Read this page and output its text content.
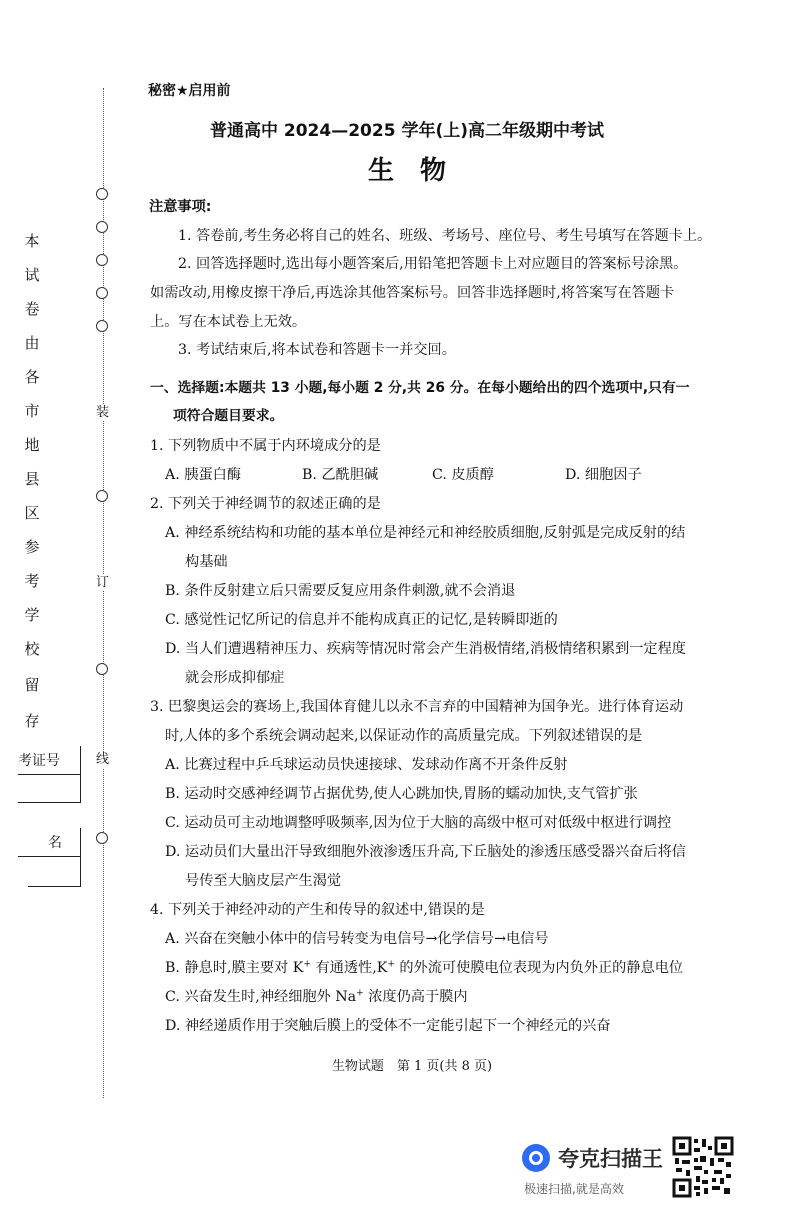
装
订
线
本
试
卷
由
各
市
地
县
区
参
考
学
校
留
存
考证号
名
秘密★启用前
普通高中 2024—2025 学年(上)高二年级期中考试
生　物
注意事项:
1. 答卷前,考生务必将自己的姓名、班级、考场号、座位号、考生号填写在答题卡上。
2. 回答选择题时,选出每小题答案后,用铅笔把答题卡上对应题目的答案标号涂黑。
如需改动,用橡皮擦干净后,再选涂其他答案标号。回答非选择题时,将答案写在答题卡
上。写在本试卷上无效。
3. 考试结束后,将本试卷和答题卡一并交回。
一、选择题:本题共 13 小题,每小题 2 分,共 26 分。在每小题给出的四个选项中,只有一
项符合题目要求。
1. 下列物质中不属于内环境成分的是
A. 胰蛋白酶	B. 乙酰胆碱	C. 皮质醇	D. 细胞因子
2. 下列关于神经调节的叙述正确的是
A. 神经系统结构和功能的基本单位是神经元和神经胶质细胞,反射弧是完成反射的结
构基础
B. 条件反射建立后只需要反复应用条件刺激,就不会消退
C. 感觉性记忆所记的信息并不能构成真正的记忆,是转瞬即逝的
D. 当人们遭遇精神压力、疾病等情况时常会产生消极情绪,消极情绪积累到一定程度
就会形成抑郁症
3. 巴黎奥运会的赛场上,我国体育健儿以永不言弃的中国精神为国争光。进行体育运动
时,人体的多个系统会调动起来,以保证动作的高质量完成。下列叙述错误的是
A. 比赛过程中乒乓球运动员快速接球、发球动作离不开条件反射
B. 运动时交感神经调节占据优势,使人心跳加快,胃肠的蠕动加快,支气管扩张
C. 运动员可主动地调整呼吸频率,因为位于大脑的高级中枢可对低级中枢进行调控
D. 运动员们大量出汗导致细胞外液渗透压升高,下丘脑处的渗透压感受器兴奋后将信
号传至大脑皮层产生渴觉
4. 下列关于神经冲动的产生和传导的叙述中,错误的是
A. 兴奋在突触小体中的信号转变为电信号→化学信号→电信号
B. 静息时,膜主要对 K+ 有通透性,K+ 的外流可使膜电位表现为内负外正的静息电位
C. 兴奋发生时,神经细胞外 Na+ 浓度仍高于膜内
D. 神经递质作用于突触后膜上的受体不一定能引起下一个神经元的兴奋
生物试题　第 1 页(共 8 页)
夸克扫描王
极速扫描,就是高效
